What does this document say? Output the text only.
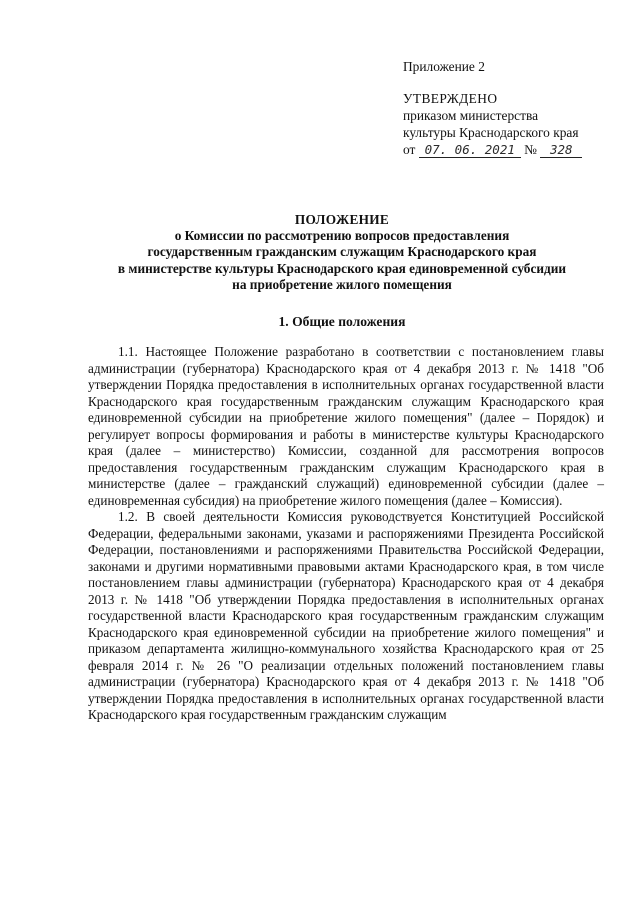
Приложение 2
УТВЕРЖДЕНО
приказом министерства
культуры Краснодарского края
от 07. 06. 2021 № 328
ПОЛОЖЕНИЕ
о Комиссии по рассмотрению вопросов предоставления
государственным гражданским служащим Краснодарского края
в министерстве культуры Краснодарского края единовременной субсидии
на приобретение жилого помещения
1. Общие положения

1.1. Настоящее Положение разработано в соответствии с постановлением главы администрации (губернатора) Краснодарского края от 4 декабря 2013 г. № 1418 "Об утверждении Порядка предоставления в исполнительных органах государственной власти Краснодарского края государственным гражданским служащим Краснодарского края единовременной субсидии на приобретение жилого помещения" (далее – Порядок) и регулирует вопросы формирования и работы в министерстве культуры Краснодарского края (далее – министерство) Комиссии, созданной для рассмотрения вопросов предоставления государственным гражданским служащим Краснодарского края в министерстве (далее – гражданский служащий) единовременной субсидии (далее – единовременная субсидия) на приобретение жилого помещения (далее – Комиссия).

1.2. В своей деятельности Комиссия руководствуется Конституцией Российской Федерации, федеральными законами, указами и распоряжениями Президента Российской Федерации, постановлениями и распоряжениями Правительства Российской Федерации, законами и другими нормативными правовыми актами Краснодарского края, в том числе постановлением главы администрации (губернатора) Краснодарского края от 4 декабря 2013 г. № 1418 "Об утверждении Порядка предоставления в исполнительных органах государственной власти Краснодарского края государственным гражданским служащим Краснодарского края единовременной субсидии на приобретение жилого помещения" и приказом департамента жилищно-коммунального хозяйства Краснодарского края от 25 февраля 2014 г. № 26 "О реализации отдельных положений постановлением главы администрации (губернатора) Краснодарского края от 4 декабря 2013 г. № 1418 "Об утверждении Порядка предоставления в исполнительных органах государственной власти Краснодарского края государственным гражданским служащим
